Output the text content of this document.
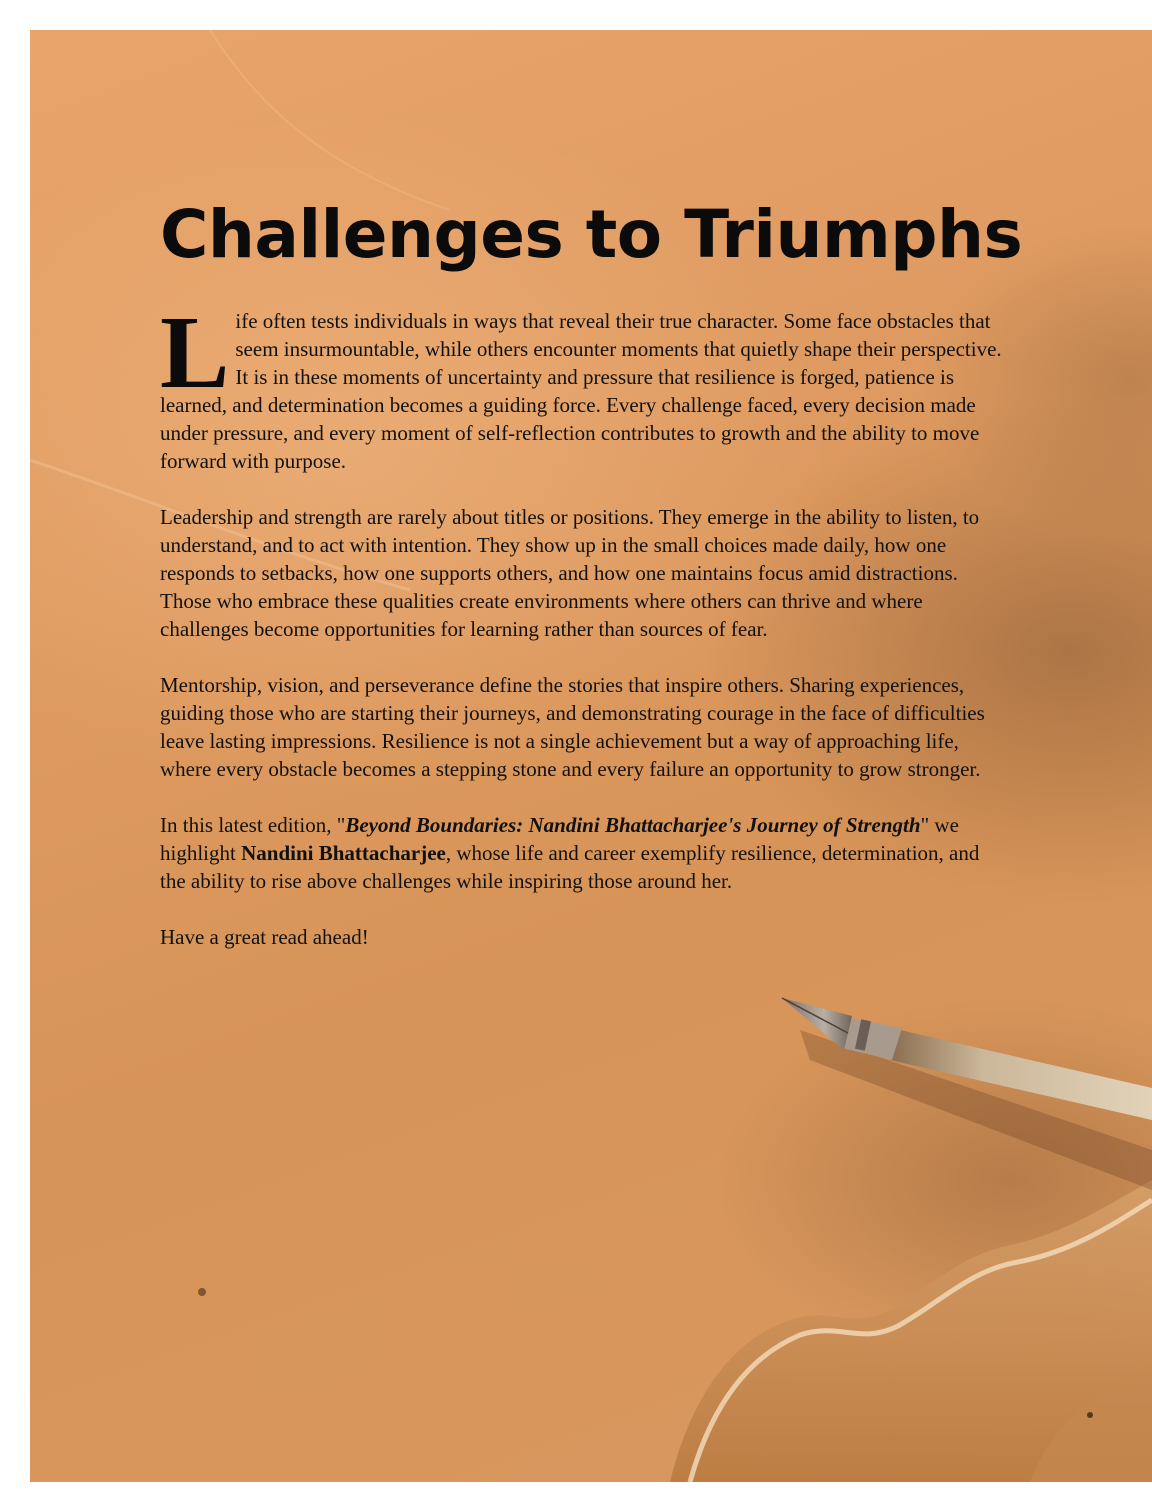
Challenges to Triumphs

Life often tests individuals in ways that reveal their true character. Some face obstacles that seem insurmountable, while others encounter moments that quietly shape their perspective. It is in these moments of uncertainty and pressure that resilience is forged, patience is learned, and determination becomes a guiding force. Every challenge faced, every decision made under pressure, and every moment of self-reflection contributes to growth and the ability to move forward with purpose.

Leadership and strength are rarely about titles or positions. They emerge in the ability to listen, to understand, and to act with intention. They show up in the small choices made daily, how one responds to setbacks, how one supports others, and how one maintains focus amid distractions. Those who embrace these qualities create environments where others can thrive and where challenges become opportunities for learning rather than sources of fear.

Mentorship, vision, and perseverance define the stories that inspire others. Sharing experiences, guiding those who are starting their journeys, and demonstrating courage in the face of difficulties leave lasting impressions. Resilience is not a single achievement but a way of approaching life, where every obstacle becomes a stepping stone and every failure an opportunity to grow stronger.

In this latest edition, "Beyond Boundaries: Nandini Bhattacharjee's Journey of Strength" we highlight Nandini Bhattacharjee, whose life and career exemplify resilience, determination, and the ability to rise above challenges while inspiring those around her.

Have a great read ahead!
